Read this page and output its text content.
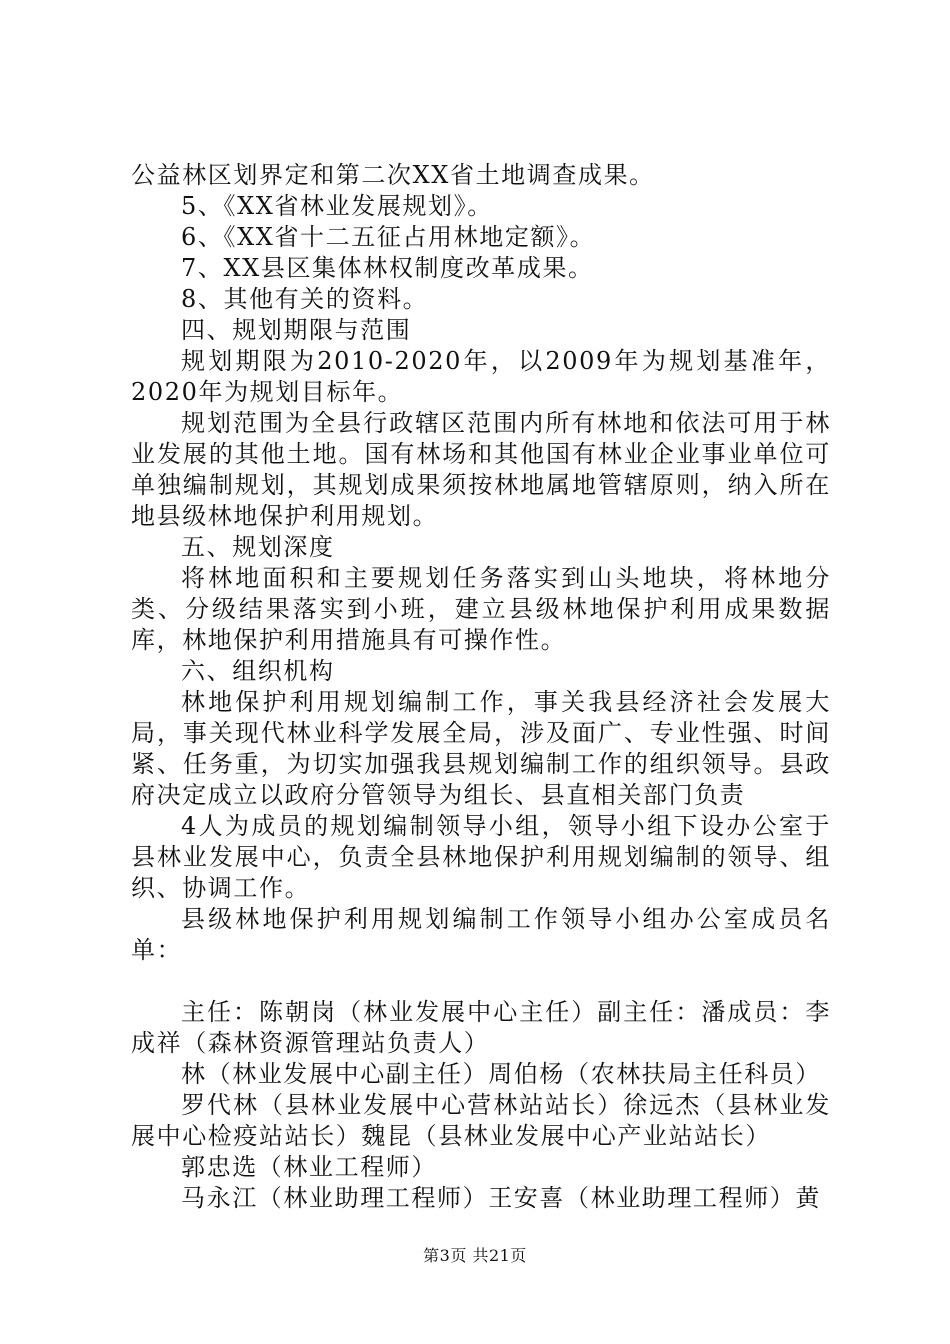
公益林区划界定和第二次XX省土地调查成果。

5、《XX省林业发展规划》。

6、《XX省十二五征占用林地定额》。

7、XX县区集体林权制度改革成果。

8、其他有关的资料。

四、规划期限与范围

规划期限为2010-2020年，以2009年为规划基准年，2020年为规划目标年。

规划范围为全县行政辖区范围内所有林地和依法可用于林业发展的其他土地。国有林场和其他国有林业企业事业单位可单独编制规划，其规划成果须按林地属地管辖原则，纳入所在地县级林地保护利用规划。

五、规划深度

将林地面积和主要规划任务落实到山头地块，将林地分类、分级结果落实到小班，建立县级林地保护利用成果数据库，林地保护利用措施具有可操作性。

六、组织机构

林地保护利用规划编制工作，事关我县经济社会发展大局，事关现代林业科学发展全局，涉及面广、专业性强、时间紧、任务重，为切实加强我县规划编制工作的组织领导。县政府决定成立以政府分管领导为组长、县直相关部门负责

4人为成员的规划编制领导小组，领导小组下设办公室于县林业发展中心，负责全县林地保护利用规划编制的领导、组织、协调工作。

县级林地保护利用规划编制工作领导小组办公室成员名单：

主任：陈朝岗（林业发展中心主任）副主任：潘成员：李成祥（森林资源管理站负责人）

林（林业发展中心副主任）周伯杨（农林扶局主任科员）

罗代林（县林业发展中心营林站站长）徐远杰（县林业发展中心检疫站站长）魏昆（县林业发展中心产业站站长）

郭忠选（林业工程师）

马永江（林业助理工程师）王安喜（林业助理工程师）黄

第3页 共21页
